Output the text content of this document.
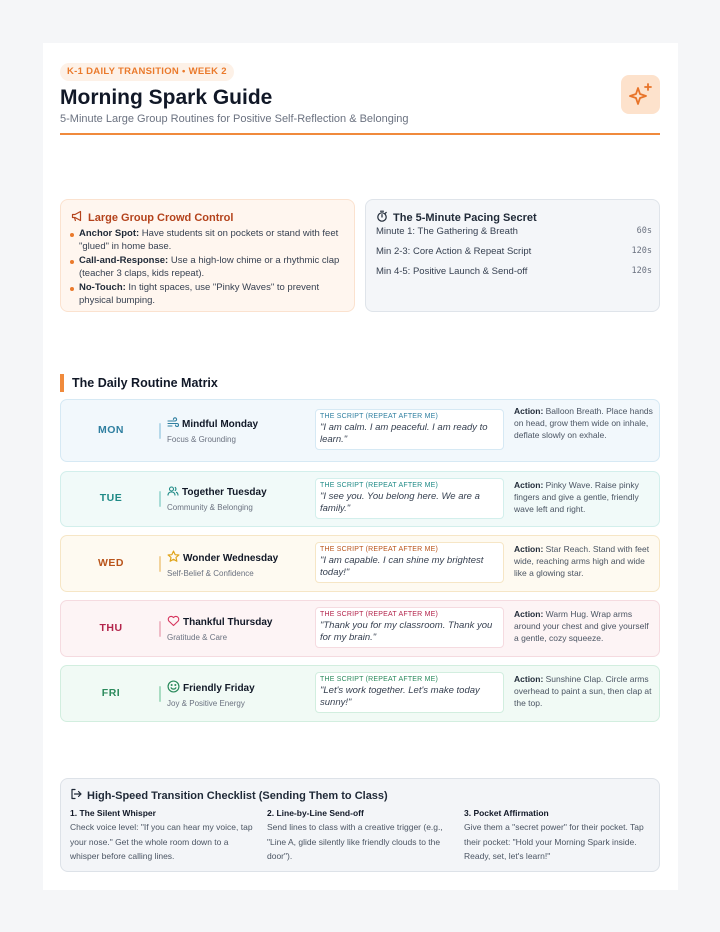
K-1 DAILY TRANSITION • WEEK 2
Morning Spark Guide
5-Minute Large Group Routines for Positive Self-Reflection & Belonging
Large Group Crowd Control
Anchor Spot: Have students sit on pockets or stand with feet "glued" in home base.
Call-and-Response: Use a high-low chime or a rhythmic clap (teacher 3 claps, kids repeat).
No-Touch: In tight spaces, use "Pinky Waves" to prevent physical bumping.
The 5-Minute Pacing Secret
Minute 1: The Gathering & Breath	60s
Min 2-3: Core Action & Repeat Script	120s
Min 4-5: Positive Launch & Send-off	120s
The Daily Routine Matrix
MON	Mindful Monday
Focus & Grounding
THE SCRIPT (REPEAT AFTER ME)
"I am calm. I am peaceful. I am ready to learn."
Action: Balloon Breath. Place hands on head, grow them wide on inhale, deflate slowly on exhale.
TUE	Together Tuesday
Community & Belonging
THE SCRIPT (REPEAT AFTER ME)
"I see you. You belong here. We are a family."
Action: Pinky Wave. Raise pinky fingers and give a gentle, friendly wave left and right.
WED	Wonder Wednesday
Self-Belief & Confidence
THE SCRIPT (REPEAT AFTER ME)
"I am capable. I can shine my brightest today!"
Action: Star Reach. Stand with feet wide, reaching arms high and wide like a glowing star.
THU	Thankful Thursday
Gratitude & Care
THE SCRIPT (REPEAT AFTER ME)
"Thank you for my classroom. Thank you for my brain."
Action: Warm Hug. Wrap arms around your chest and give yourself a gentle, cozy squeeze.
FRI	Friendly Friday
Joy & Positive Energy
THE SCRIPT (REPEAT AFTER ME)
"Let's work together. Let's make today sunny!"
Action: Sunshine Clap. Circle arms overhead to paint a sun, then clap at the top.
High-Speed Transition Checklist (Sending Them to Class)
1. The Silent Whisper
Check voice level: "If you can hear my voice, tap your nose." Get the whole room down to a whisper before calling lines.
2. Line-by-Line Send-off
Send lines to class with a creative trigger (e.g., "Line A, glide silently like friendly clouds to the door").
3. Pocket Affirmation
Give them a "secret power" for their pocket. Tap their pocket: "Hold your Morning Spark inside. Ready, set, let's learn!"
